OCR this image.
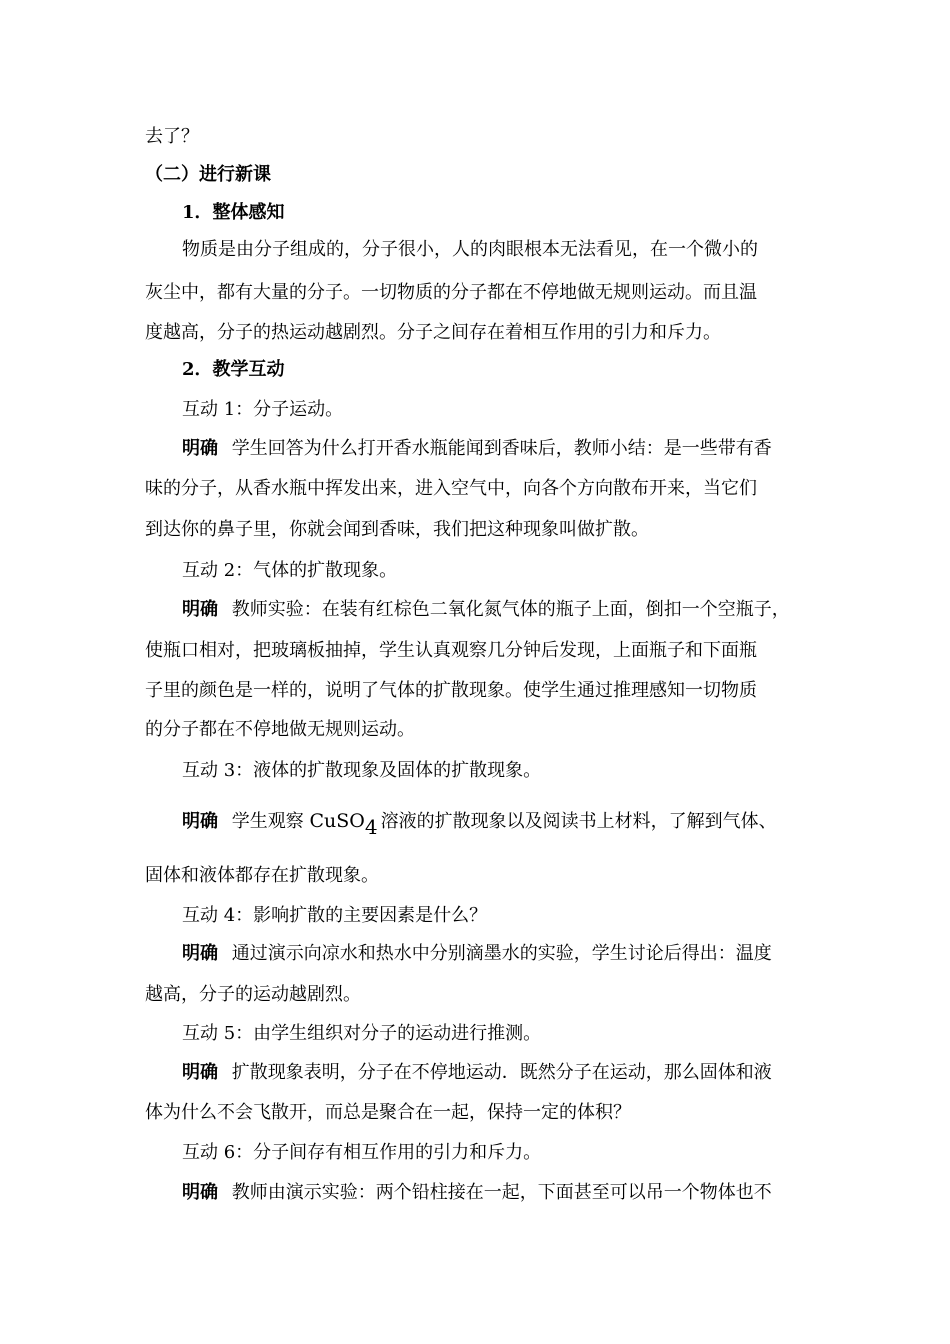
去了？
（二）进行新课
1．整体感知
物质是由分子组成的，分子很小，人的肉眼根本无法看见，在一个微小的
灰尘中，都有大量的分子。一切物质的分子都在不停地做无规则运动。而且温
度越高，分子的热运动越剧烈。分子之间存在着相互作用的引力和斥力。
2．教学互动
互动 1：分子运动。
明确 学生回答为什么打开香水瓶能闻到香味后，教师小结：是一些带有香
味的分子，从香水瓶中挥发出来，进入空气中，向各个方向散布开来，当它们
到达你的鼻子里，你就会闻到香味，我们把这种现象叫做扩散。
互动 2：气体的扩散现象。
明确 教师实验：在装有红棕色二氧化氮气体的瓶子上面，倒扣一个空瓶子，
使瓶口相对，把玻璃板抽掉，学生认真观察几分钟后发现，上面瓶子和下面瓶
子里的颜色是一样的，说明了气体的扩散现象。使学生通过推理感知一切物质
的分子都在不停地做无规则运动。
互动 3：液体的扩散现象及固体的扩散现象。
明确 学生观察 CuSO$_4$ 溶液的扩散现象以及阅读书上材料，了解到气体、
固体和液体都存在扩散现象。
互动 4：影响扩散的主要因素是什么？
明确 通过演示向凉水和热水中分别滴墨水的实验，学生讨论后得出：温度
越高，分子的运动越剧烈。
互动 5：由学生组织对分子的运动进行推测。
明确 扩散现象表明，分子在不停地运动．既然分子在运动，那么固体和液
体为什么不会飞散开，而总是聚合在一起，保持一定的体积？
互动 6：分子间存有相互作用的引力和斥力。
明确 教师由演示实验：两个铅柱接在一起，下面甚至可以吊一个物体也不
